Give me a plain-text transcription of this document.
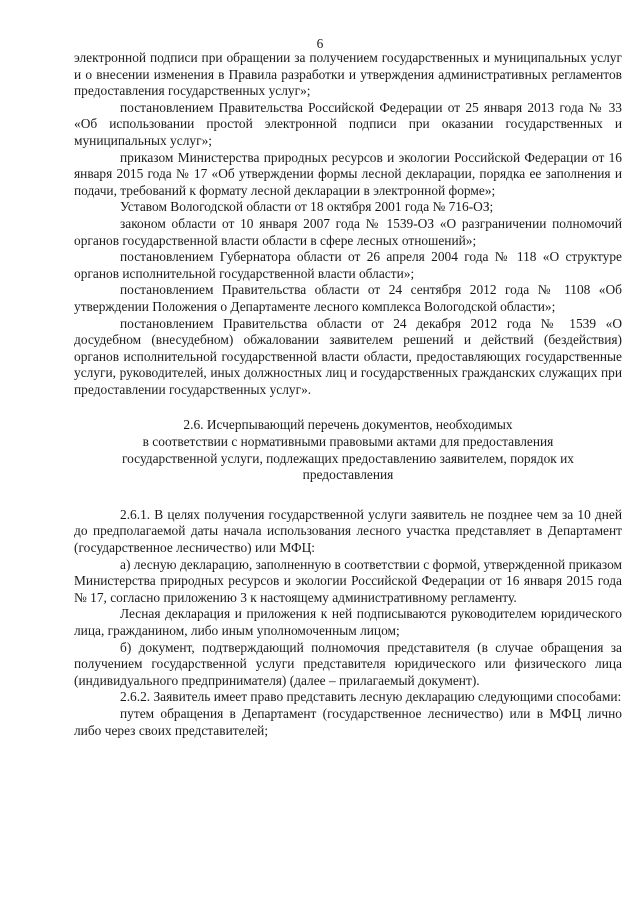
6

электронной подписи при обращении за получением государственных и муниципальных услуг и о внесении изменения в Правила разработки и утверждения административных регламентов предоставления государственных услуг»;

постановлением Правительства Российской Федерации от 25 января 2013 года № 33 «Об использовании простой электронной подписи при оказании государственных и муниципальных услуг»;

приказом Министерства природных ресурсов и экологии Российской Федерации от 16 января 2015 года № 17 «Об утверждении формы лесной декларации, порядка ее заполнения и подачи, требований к формату лесной декларации в электронной форме»;

Уставом Вологодской области от 18 октября 2001 года № 716-ОЗ;

законом области от 10 января 2007 года № 1539-ОЗ «О разграничении полномочий органов государственной власти области в сфере лесных отношений»;

постановлением Губернатора области от 26 апреля 2004 года № 118 «О структуре органов исполнительной государственной власти области»;

постановлением Правительства области от 24 сентября 2012 года № 1108 «Об утверждении Положения о Департаменте лесного комплекса Вологодской области»;

постановлением Правительства области от 24 декабря 2012 года № 1539 «О досудебном (внесудебном) обжаловании заявителем решений и действий (бездействия) органов исполнительной государственной власти области, предоставляющих государственные услуги, руководителей, иных должностных лиц и государственных гражданских служащих при предоставлении государственных услуг».

2.6. Исчерпывающий перечень документов, необходимых
в соответствии с нормативными правовыми актами для предоставления
государственной услуги, подлежащих предоставлению заявителем, порядок их
предоставления

2.6.1. В целях получения государственной услуги заявитель не позднее чем за 10 дней до предполагаемой даты начала использования лесного участка представляет в Департамент (государственное лесничество) или МФЦ:

а) лесную декларацию, заполненную в соответствии с формой, утвержденной приказом Министерства природных ресурсов и экологии Российской Федерации от 16 января 2015 года № 17, согласно приложению 3 к настоящему административному регламенту.

Лесная декларация и приложения к ней подписываются руководителем юридического лица, гражданином, либо иным уполномоченным лицом;

б) документ, подтверждающий полномочия представителя (в случае обращения за получением государственной услуги представителя юридического или физического лица (индивидуального предпринимателя) (далее – прилагаемый документ).

2.6.2. Заявитель имеет право представить лесную декларацию следующими способами:

путем обращения в Департамент (государственное лесничество) или в МФЦ лично либо через своих представителей;
